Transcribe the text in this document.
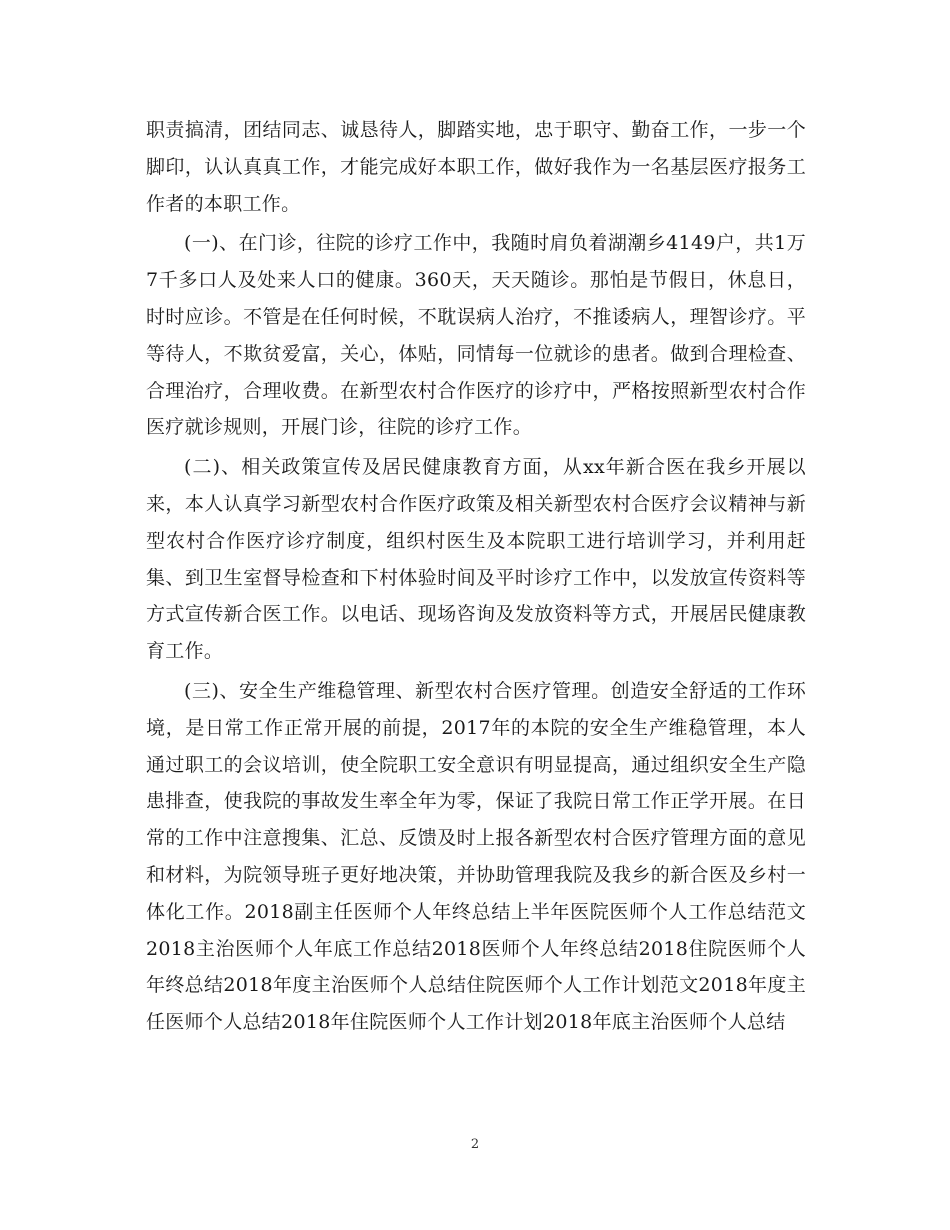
职责搞清，团结同志、诚恳待人，脚踏实地，忠于职守、勤奋工作，一步一个脚印，认认真真工作，才能完成好本职工作，做好我作为一名基层医疗报务工作者的本职工作。

(一)、在门诊，往院的诊疗工作中，我随时肩负着湖潮乡4149户，共1万7千多口人及处来人口的健康。360天，天天随诊。那怕是节假日，休息日，时时应诊。不管是在任何时候，不耽误病人治疗，不推诿病人，理智诊疗。平等待人，不欺贫爱富，关心，体贴，同情每一位就诊的患者。做到合理检查、合理治疗，合理收费。在新型农村合作医疗的诊疗中，严格按照新型农村合作医疗就诊规则，开展门诊，往院的诊疗工作。

(二)、相关政策宣传及居民健康教育方面，从xx年新合医在我乡开展以来，本人认真学习新型农村合作医疗政策及相关新型农村合医疗会议精神与新型农村合作医疗诊疗制度，组织村医生及本院职工进行培训学习，并利用赶集、到卫生室督导检查和下村体验时间及平时诊疗工作中，以发放宣传资料等方式宣传新合医工作。以电话、现场咨询及发放资料等方式，开展居民健康教育工作。

(三)、安全生产维稳管理、新型农村合医疗管理。创造安全舒适的工作环境，是日常工作正常开展的前提，2017年的本院的安全生产维稳管理，本人通过职工的会议培训，使全院职工安全意识有明显提高，通过组织安全生产隐患排查，使我院的事故发生率全年为零，保证了我院日常工作正学开展。在日常的工作中注意搜集、汇总、反馈及时上报各新型农村合医疗管理方面的意见和材料，为院领导班子更好地决策，并协助管理我院及我乡的新合医及乡村一体化工作。2018副主任医师个人年终总结上半年医院医师个人工作总结范文2018主治医师个人年底工作总结2018医师个人年终总结2018住院医师个人年终总结2018年度主治医师个人总结住院医师个人工作计划范文2018年度主任医师个人总结2018年住院医师个人工作计划2018年底主治医师个人总结

2
